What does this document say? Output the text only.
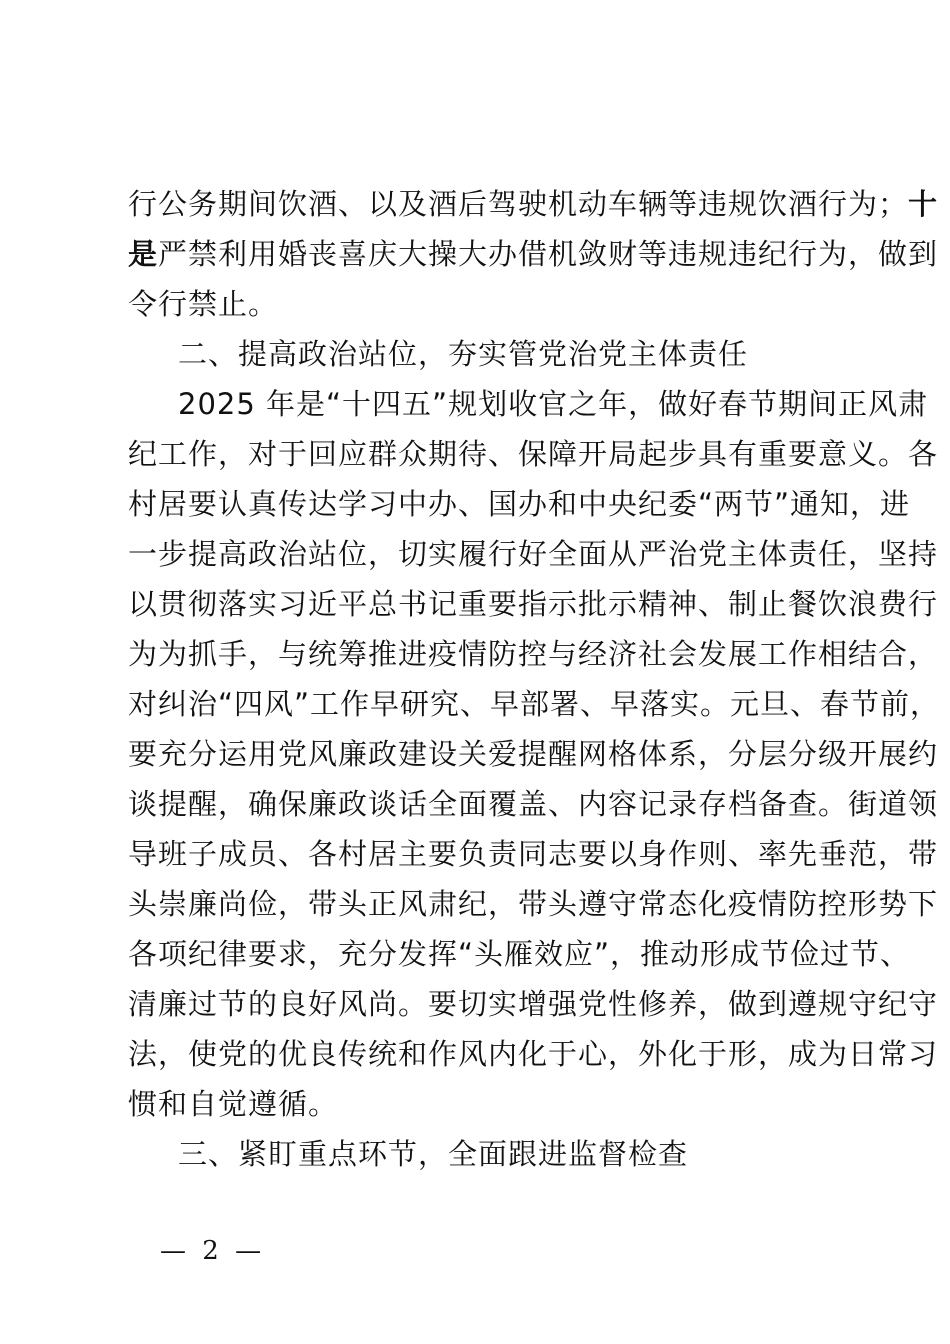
行公务期间饮酒、以及酒后驾驶机动车辆等违规饮酒行为；十
是严禁利用婚丧喜庆大操大办借机敛财等违规违纪行为，做到
令行禁止。
二、提高政治站位，夯实管党治党主体责任
2025 年是“十四五”规划收官之年，做好春节期间正风肃
纪工作，对于回应群众期待、保障开局起步具有重要意义。各
村居要认真传达学习中办、国办和中央纪委“两节”通知，进
一步提高政治站位，切实履行好全面从严治党主体责任，坚持
以贯彻落实习近平总书记重要指示批示精神、制止餐饮浪费行
为为抓手，与统筹推进疫情防控与经济社会发展工作相结合，
对纠治“四风”工作早研究、早部署、早落实。元旦、春节前，
要充分运用党风廉政建设关爱提醒网格体系，分层分级开展约
谈提醒，确保廉政谈话全面覆盖、内容记录存档备查。街道领
导班子成员、各村居主要负责同志要以身作则、率先垂范，带
头崇廉尚俭，带头正风肃纪，带头遵守常态化疫情防控形势下
各项纪律要求，充分发挥“头雁效应”，推动形成节俭过节、
清廉过节的良好风尚。要切实增强党性修养，做到遵规守纪守
法，使党的优良传统和作风内化于心，外化于形，成为日常习
惯和自觉遵循。
三、紧盯重点环节，全面跟进监督检查
— 2 —
